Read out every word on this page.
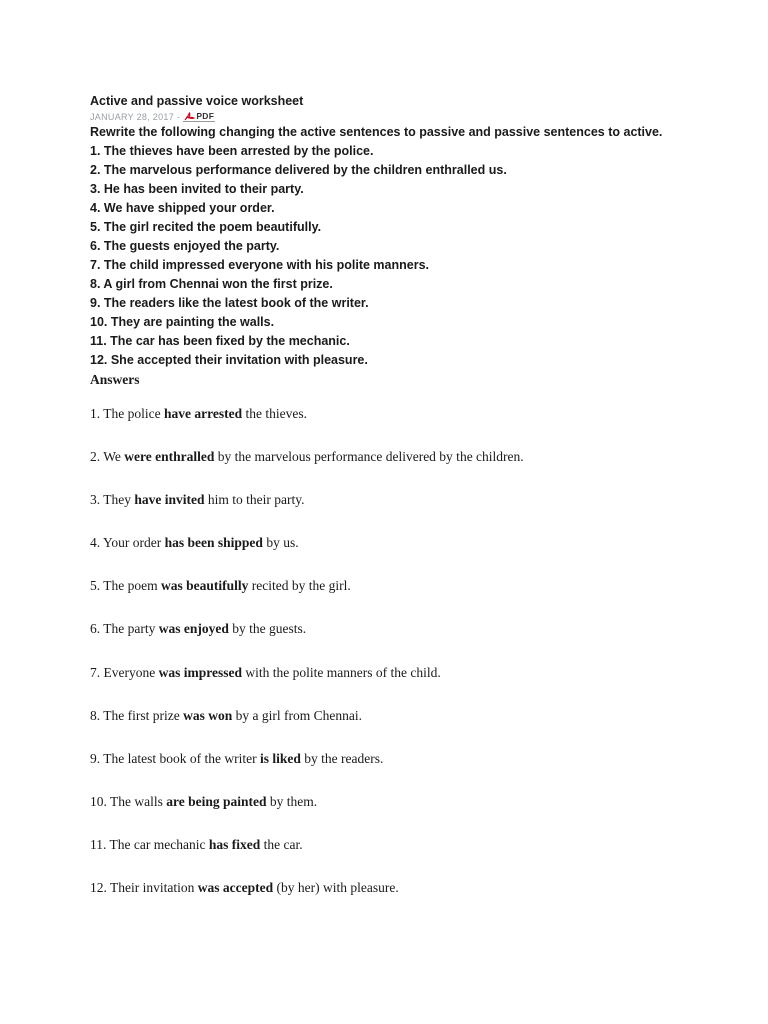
Active and passive voice worksheet
JANUARY 28, 2017 - PDF
Rewrite the following changing the active sentences to passive and passive sentences to active.
1. The thieves have been arrested by the police.
2. The marvelous performance delivered by the children enthralled us.
3. He has been invited to their party.
4. We have shipped your order.
5. The girl recited the poem beautifully.
6. The guests enjoyed the party.
7. The child impressed everyone with his polite manners.
8. A girl from Chennai won the first prize.
9. The readers like the latest book of the writer.
10. They are painting the walls.
11. The car has been fixed by the mechanic.
12. She accepted their invitation with pleasure.
Answers
1. The police have arrested the thieves.
2. We were enthralled by the marvelous performance delivered by the children.
3. They have invited him to their party.
4. Your order has been shipped by us.
5. The poem was beautifully recited by the girl.
6. The party was enjoyed by the guests.
7. Everyone was impressed with the polite manners of the child.
8. The first prize was won by a girl from Chennai.
9. The latest book of the writer is liked by the readers.
10. The walls are being painted by them.
11. The car mechanic has fixed the car.
12. Their invitation was accepted (by her) with pleasure.
